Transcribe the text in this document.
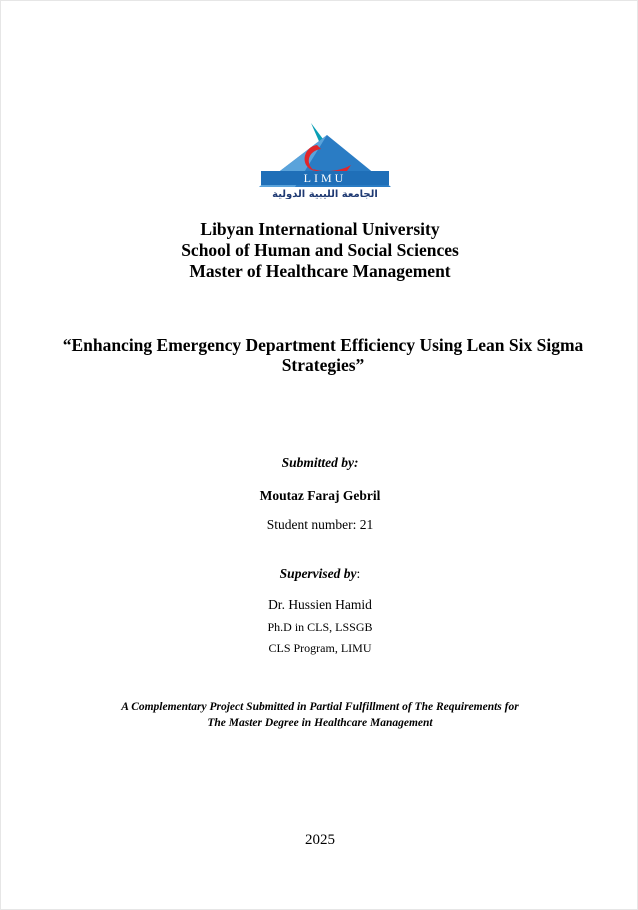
LIMU
الجامعة الليبية الدولية
Libyan International University
School of Human and Social Sciences
Master of Healthcare Management
“Enhancing Emergency Department Efficiency Using Lean Six Sigma
Strategies”
Submitted by:
Moutaz Faraj Gebril
Student number: 21
Supervised by:
Dr. Hussien Hamid
Ph.D in CLS, LSSGB
CLS Program, LIMU
A Complementary Project Submitted in Partial Fulfillment of The Requirements for
The Master Degree in Healthcare Management
2025
